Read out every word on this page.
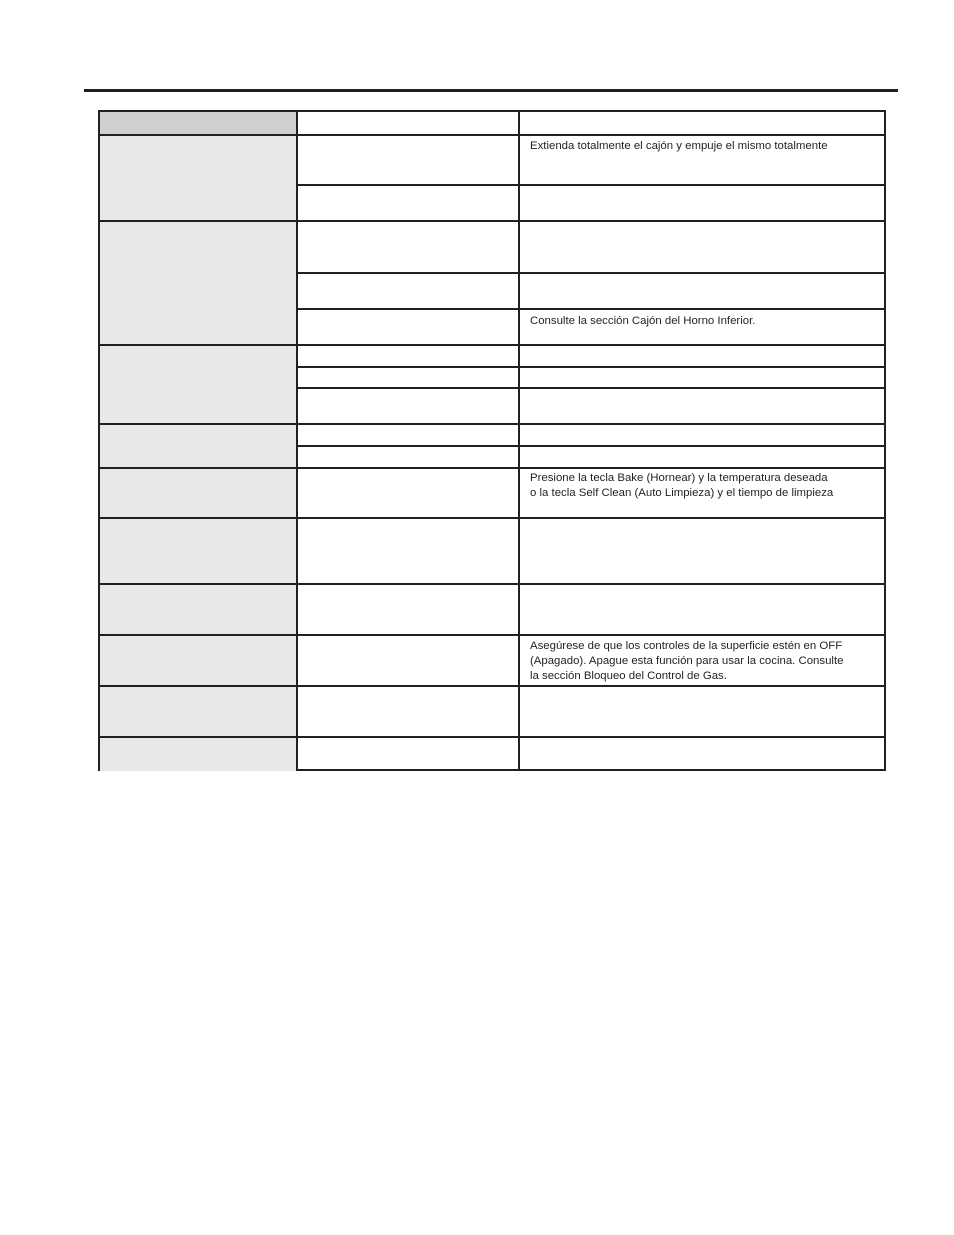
Extienda totalmente el cajón y empuje el mismo totalmente
Consulte la sección Cajón del Horno Inferior.
Presione la tecla Bake (Hornear) y la temperatura deseada
o la tecla Self Clean (Auto Limpieza) y el tiempo de limpieza
Asegúrese de que los controles de la superficie estén en OFF
(Apagado). Apague esta función para usar la cocina. Consulte
la sección Bloqueo del Control de Gas.
